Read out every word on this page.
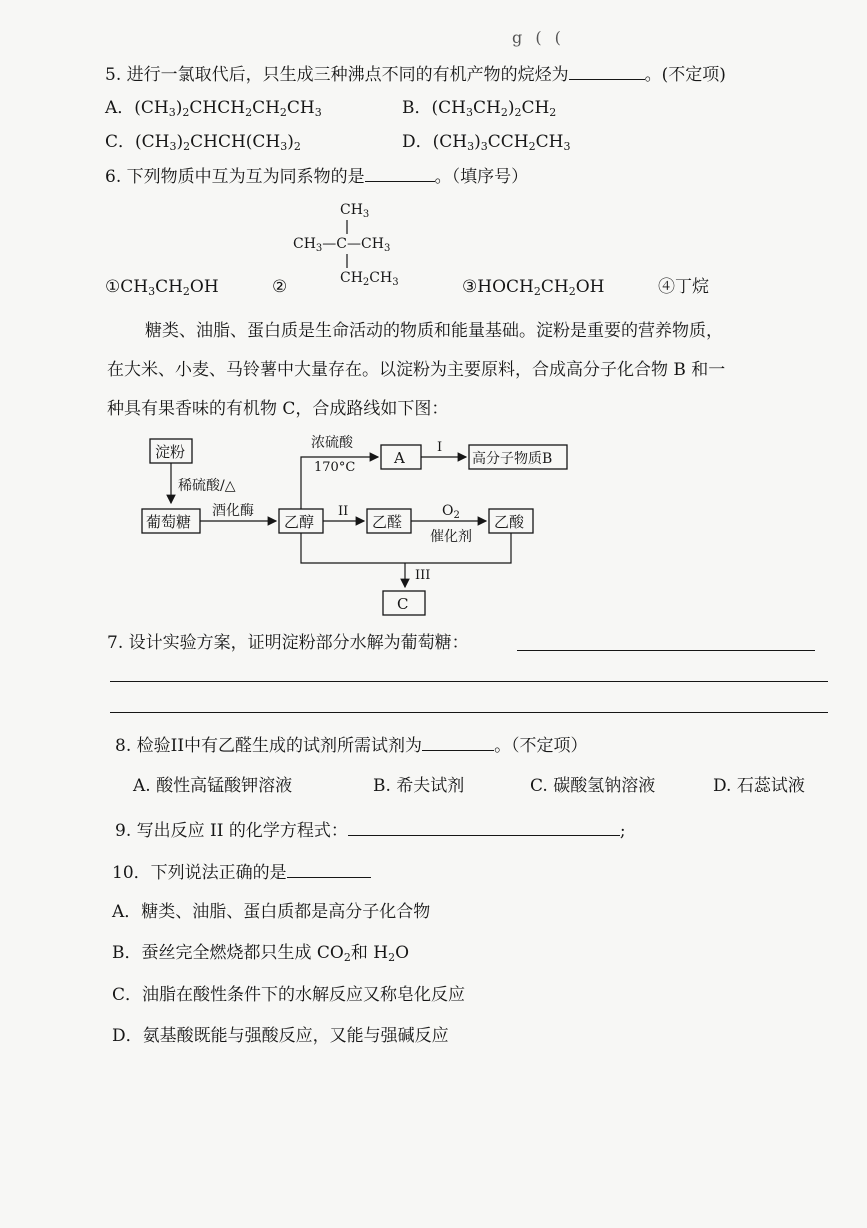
g ( (
5. 进行一氯取代后，只生成三种沸点不同的有机产物的烷烃为	。(不定项)
A．$(CH_3)_2CHCH_2CH_2CH_3$	B．$(CH_3CH_2)_2CH_2$
C．$(CH_3)_2CHCH(CH_3)_2$	D．$(CH_3)_3CCH_2CH_3$
6. 下列物质中互为互为同系物的是	。（填序号）
$CH_3$
$CH_3—C—CH_3$
$CH_2CH_3$
$①CH_3CH_2OH$	②	$③HOCH_2CH_2OH$	④丁烷
糖类、油脂、蛋白质是生命活动的物质和能量基础。淀粉是重要的营养物质，
在大米、小麦、马铃薯中大量存在。以淀粉为主要原料，合成高分子化合物 B 和一
种具有果香味的有机物 C，合成路线如下图：
淀粉
稀硫酸/△
葡萄糖
酒化酶
乙醇
浓硫酸
170°C
A
I
高分子物质B
II
乙醛
$O_2$
催化剂
乙酸
III
C
7. 设计实验方案，证明淀粉部分水解为葡萄糖：
8. 检验II中有乙醛生成的试剂所需试剂为	。（不定项）
A. 酸性高锰酸钾溶液	B. 希夫试剂	C. 碳酸氢钠溶液	D. 石蕊试液
9. 写出反应 II 的化学方程式：	;
10．下列说法正确的是
A．糖类、油脂、蛋白质都是高分子化合物
B．蚕丝完全燃烧都只生成 $CO_2$和 $H_2O$
C．油脂在酸性条件下的水解反应又称皂化反应
D．氨基酸既能与强酸反应，又能与强碱反应
